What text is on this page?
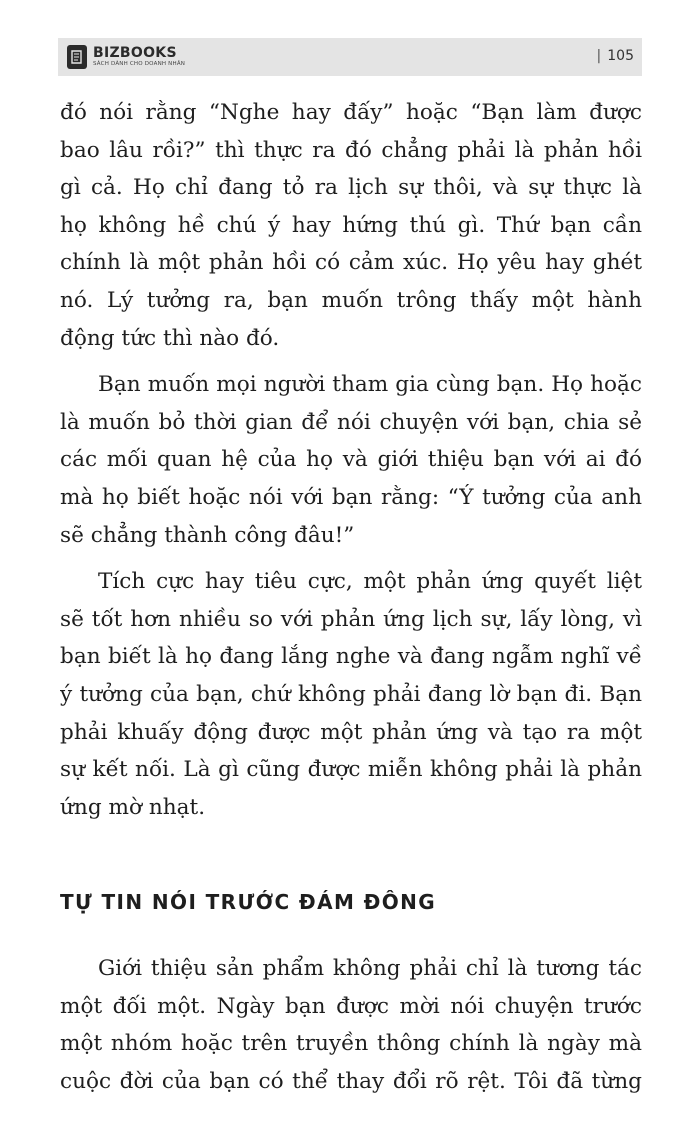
BIZBOOKS
SÁCH DÀNH CHO DOANH NHÂN
| 105
đó nói rằng “Nghe hay đấy” hoặc “Bạn làm được
bao lâu rồi?” thì thực ra đó chẳng phải là phản hồi
gì cả. Họ chỉ đang tỏ ra lịch sự thôi, và sự thực là
họ không hề chú ý hay hứng thú gì. Thứ bạn cần
chính là một phản hồi có cảm xúc. Họ yêu hay ghét
nó. Lý tưởng ra, bạn muốn trông thấy một hành
động tức thì nào đó.
Bạn muốn mọi người tham gia cùng bạn. Họ hoặc
là muốn bỏ thời gian để nói chuyện với bạn, chia sẻ
các mối quan hệ của họ và giới thiệu bạn với ai đó
mà họ biết hoặc nói với bạn rằng: “Ý tưởng của anh
sẽ chẳng thành công đâu!”
Tích cực hay tiêu cực, một phản ứng quyết liệt
sẽ tốt hơn nhiều so với phản ứng lịch sự, lấy lòng, vì
bạn biết là họ đang lắng nghe và đang ngẫm nghĩ về
ý tưởng của bạn, chứ không phải đang lờ bạn đi. Bạn
phải khuấy động được một phản ứng và tạo ra một
sự kết nối. Là gì cũng được miễn không phải là phản
ứng mờ nhạt.
TỰ TIN NÓI TRƯỚC ĐÁM ĐÔNG
Giới thiệu sản phẩm không phải chỉ là tương tác
một đối một. Ngày bạn được mời nói chuyện trước
một nhóm hoặc trên truyền thông chính là ngày mà
cuộc đời của bạn có thể thay đổi rõ rệt. Tôi đã từng
